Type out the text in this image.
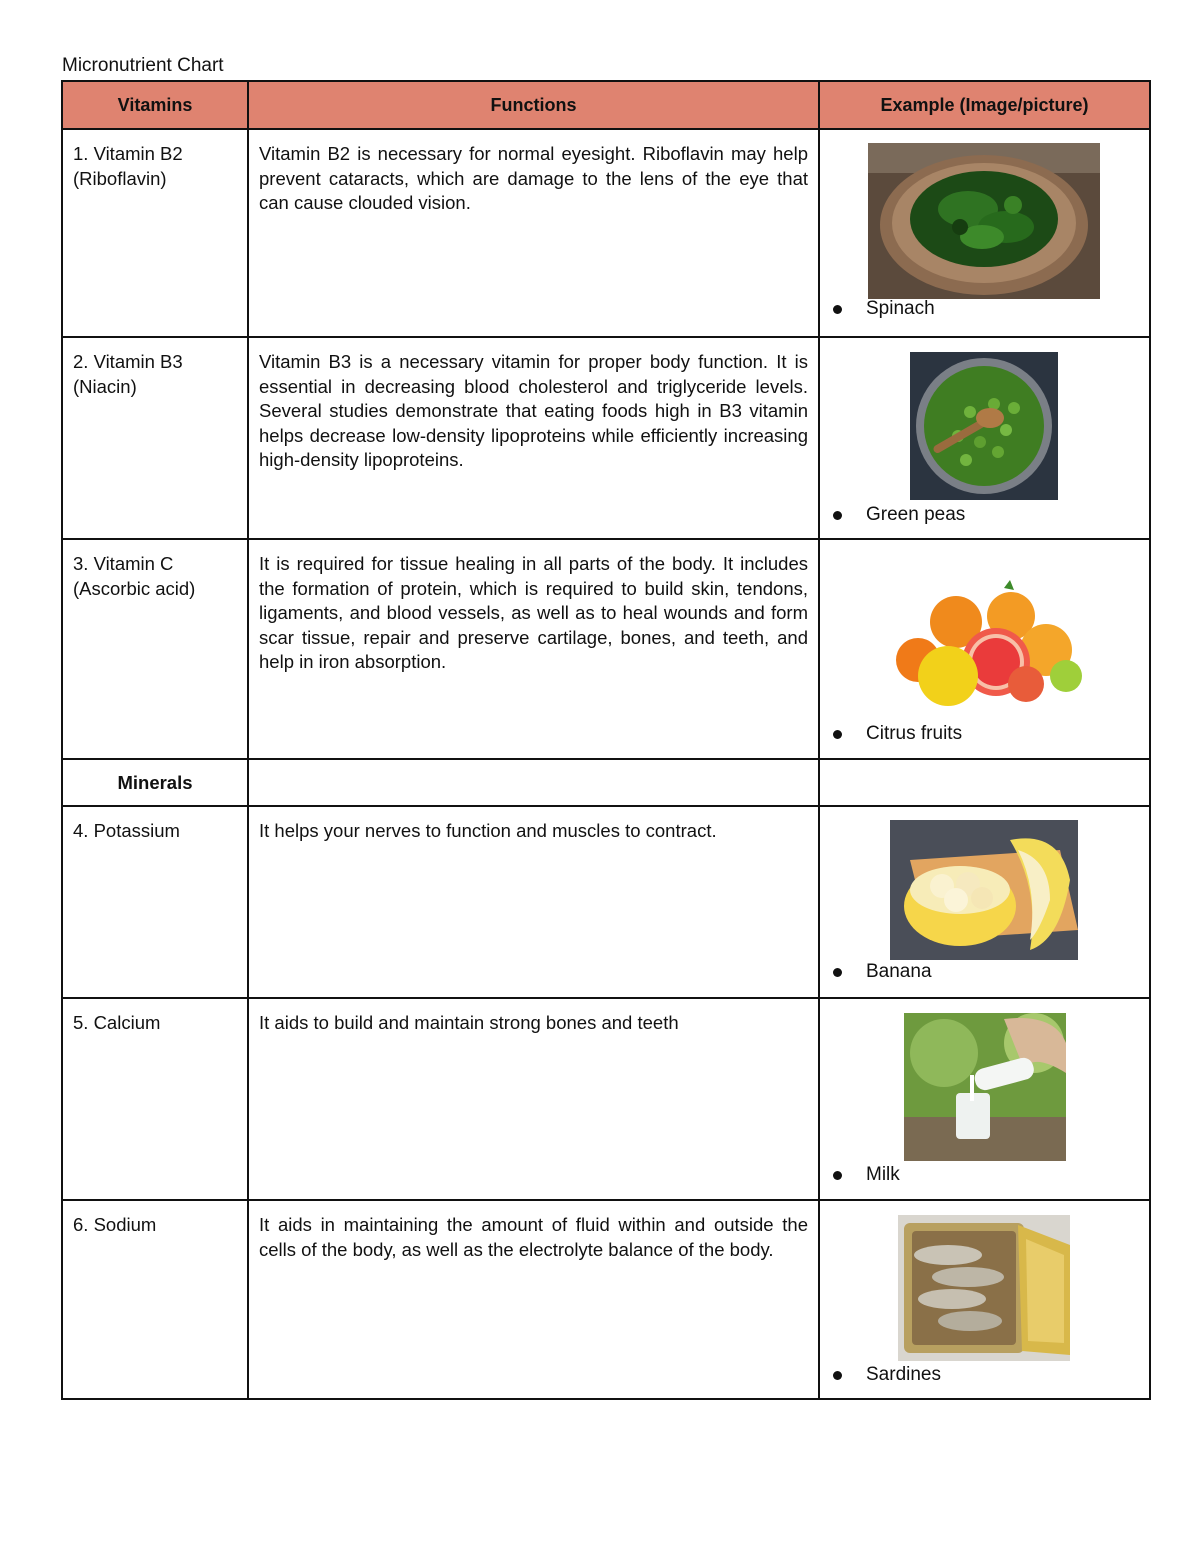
Micronutrient Chart
Vitamins	Functions	Example (Image/picture)

1. Vitamin B2 (Riboflavin)	Vitamin B2 is necessary for normal eyesight. Riboflavin may help prevent cataracts, which are damage to the lens of the eye that can cause clouded vision.	Spinach

2. Vitamin B3 (Niacin)	Vitamin B3 is a necessary vitamin for proper body function. It is essential in decreasing blood cholesterol and triglyceride levels. Several studies demonstrate that eating foods high in B3 vitamin helps decrease low-density lipoproteins while efficiently increasing high-density lipoproteins.	Green peas

3. Vitamin C (Ascorbic acid)	It is required for tissue healing in all parts of the body. It includes the formation of protein, which is required to build skin, tendons, ligaments, and blood vessels, as well as to heal wounds and form scar tissue, repair and preserve cartilage, bones, and teeth, and help in iron absorption.	Citrus fruits

Minerals		

4. Potassium	It helps your nerves to function and muscles to contract.	Banana

5. Calcium	It aids to build and maintain strong bones and teeth	Milk

6. Sodium	It aids in maintaining the amount of fluid within and outside the cells of the body, as well as the electrolyte balance of the body.	Sardines
